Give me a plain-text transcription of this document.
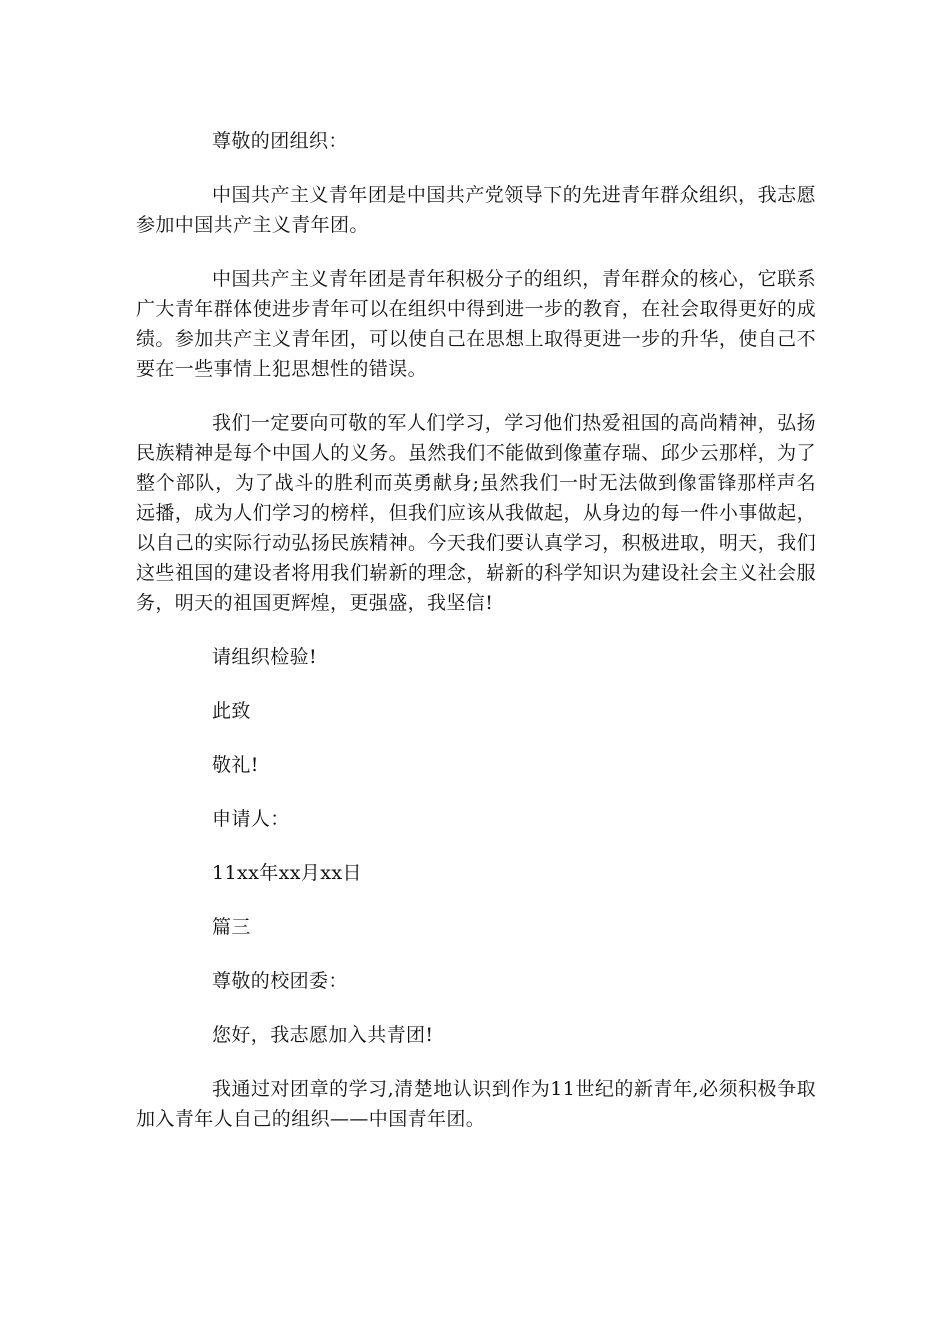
尊敬的团组织：

中国共产主义青年团是中国共产党领导下的先进青年群众组织，我志愿参加中国共产主义青年团。

中国共产主义青年团是青年积极分子的组织，青年群众的核心，它联系广大青年群体使进步青年可以在组织中得到进一步的教育，在社会取得更好的成绩。参加共产主义青年团，可以使自己在思想上取得更进一步的升华，使自己不要在一些事情上犯思想性的错误。

我们一定要向可敬的军人们学习，学习他们热爱祖国的高尚精神，弘扬民族精神是每个中国人的义务。虽然我们不能做到像董存瑞、邱少云那样，为了整个部队，为了战斗的胜利而英勇献身;虽然我们一时无法做到像雷锋那样声名远播，成为人们学习的榜样，但我们应该从我做起，从身边的每一件小事做起，以自己的实际行动弘扬民族精神。今天我们要认真学习，积极进取，明天，我们这些祖国的建设者将用我们崭新的理念，崭新的科学知识为建设社会主义社会服务，明天的祖国更辉煌，更强盛，我坚信!

请组织检验!

此致

敬礼!

申请人：

11xx年xx月xx日

篇三

尊敬的校团委：

您好，我志愿加入共青团!

我通过对团章的学习,清楚地认识到作为11世纪的新青年,必须积极争取加入青年人自己的组织——中国青年团。
